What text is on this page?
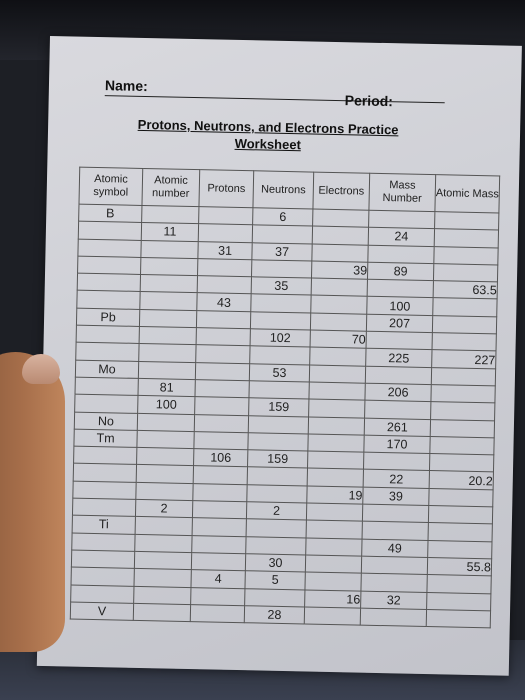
Name:
Period:
Protons, Neutrons, and Electrons Practice
Worksheet
Atomic symbol	Atomic number	Protons	Neutrons	Electrons	Mass Number	Atomic Mass
B			6			
	11				24	
		31	37			
				39	89	
			35			63.5
		43			100	
Pb					207	
			102	70		
					225	227
Mo			53			
	81				206	
	100		159			
No					261	
Tm					170	
		106	159			
					22	20.2
				19	39	
	2		2			
Ti						
					49	
			30			55.8
		4	5			
				16	32	
V			28			
